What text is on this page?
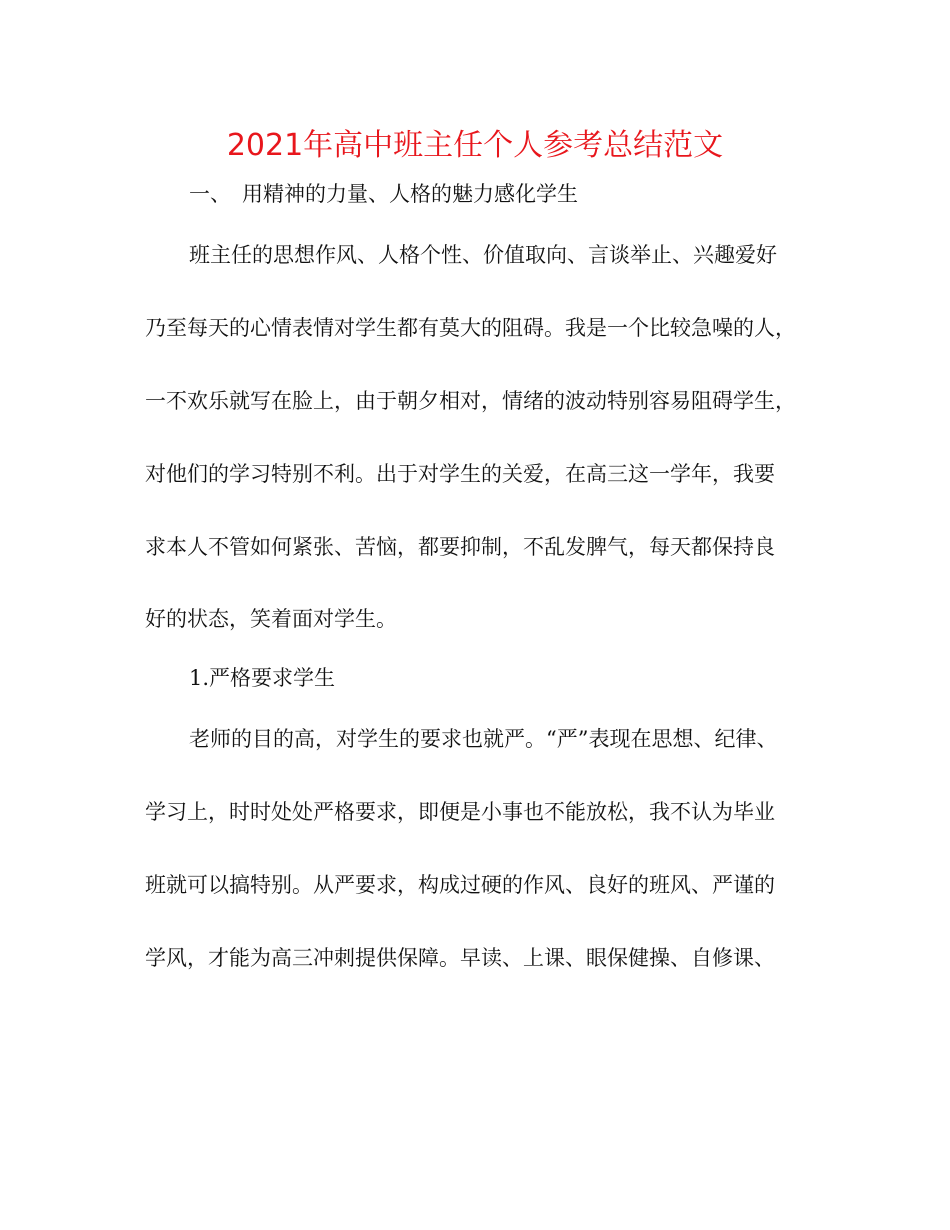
2021年高中班主任个人参考总结范文
一、 用精神的力量、人格的魅力感化学生
班主任的思想作风、人格个性、价值取向、言谈举止、兴趣爱好
乃至每天的心情表情对学生都有莫大的阻碍。我是一个比较急噪的人，
一不欢乐就写在脸上，由于朝夕相对，情绪的波动特别容易阻碍学生，
对他们的学习特别不利。出于对学生的关爱，在高三这一学年，我要
求本人不管如何紧张、苦恼，都要抑制，不乱发脾气，每天都保持良
好的状态，笑着面对学生。
1.严格要求学生
老师的目的高，对学生的要求也就严。“严”表现在思想、纪律、
学习上，时时处处严格要求，即便是小事也不能放松，我不认为毕业
班就可以搞特别。从严要求，构成过硬的作风、良好的班风、严谨的
学风，才能为高三冲刺提供保障。早读、上课、眼保健操、自修课、
